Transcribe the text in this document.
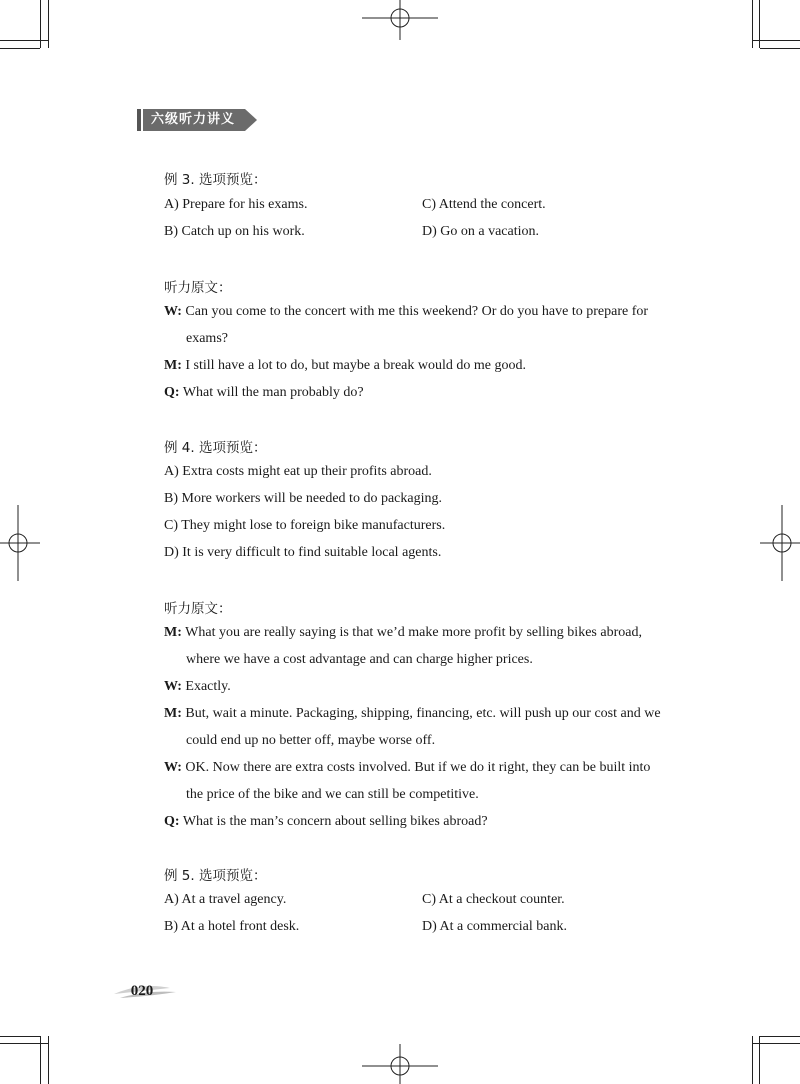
六级听力讲义
例 3. 选项预览：
A) Prepare for his exams.	C) Attend the concert.
B) Catch up on his work.	D) Go on a vacation.
听力原文：
W: Can you come to the concert with me this weekend? Or do you have to prepare for
exams?
M: I still have a lot to do, but maybe a break would do me good.
Q: What will the man probably do?
例 4. 选项预览：
A) Extra costs might eat up their profits abroad.
B) More workers will be needed to do packaging.
C) They might lose to foreign bike manufacturers.
D) It is very difficult to find suitable local agents.
听力原文：
M: What you are really saying is that we’d make more profit by selling bikes abroad,
where we have a cost advantage and can charge higher prices.
W: Exactly.
M: But, wait a minute. Packaging, shipping, financing, etc. will push up our cost and we
could end up no better off, maybe worse off.
W: OK. Now there are extra costs involved. But if we do it right, they can be built into
the price of the bike and we can still be competitive.
Q: What is the man’s concern about selling bikes abroad?
例 5. 选项预览：
A) At a travel agency.	C) At a checkout counter.
B) At a hotel front desk.	D) At a commercial bank.
020
